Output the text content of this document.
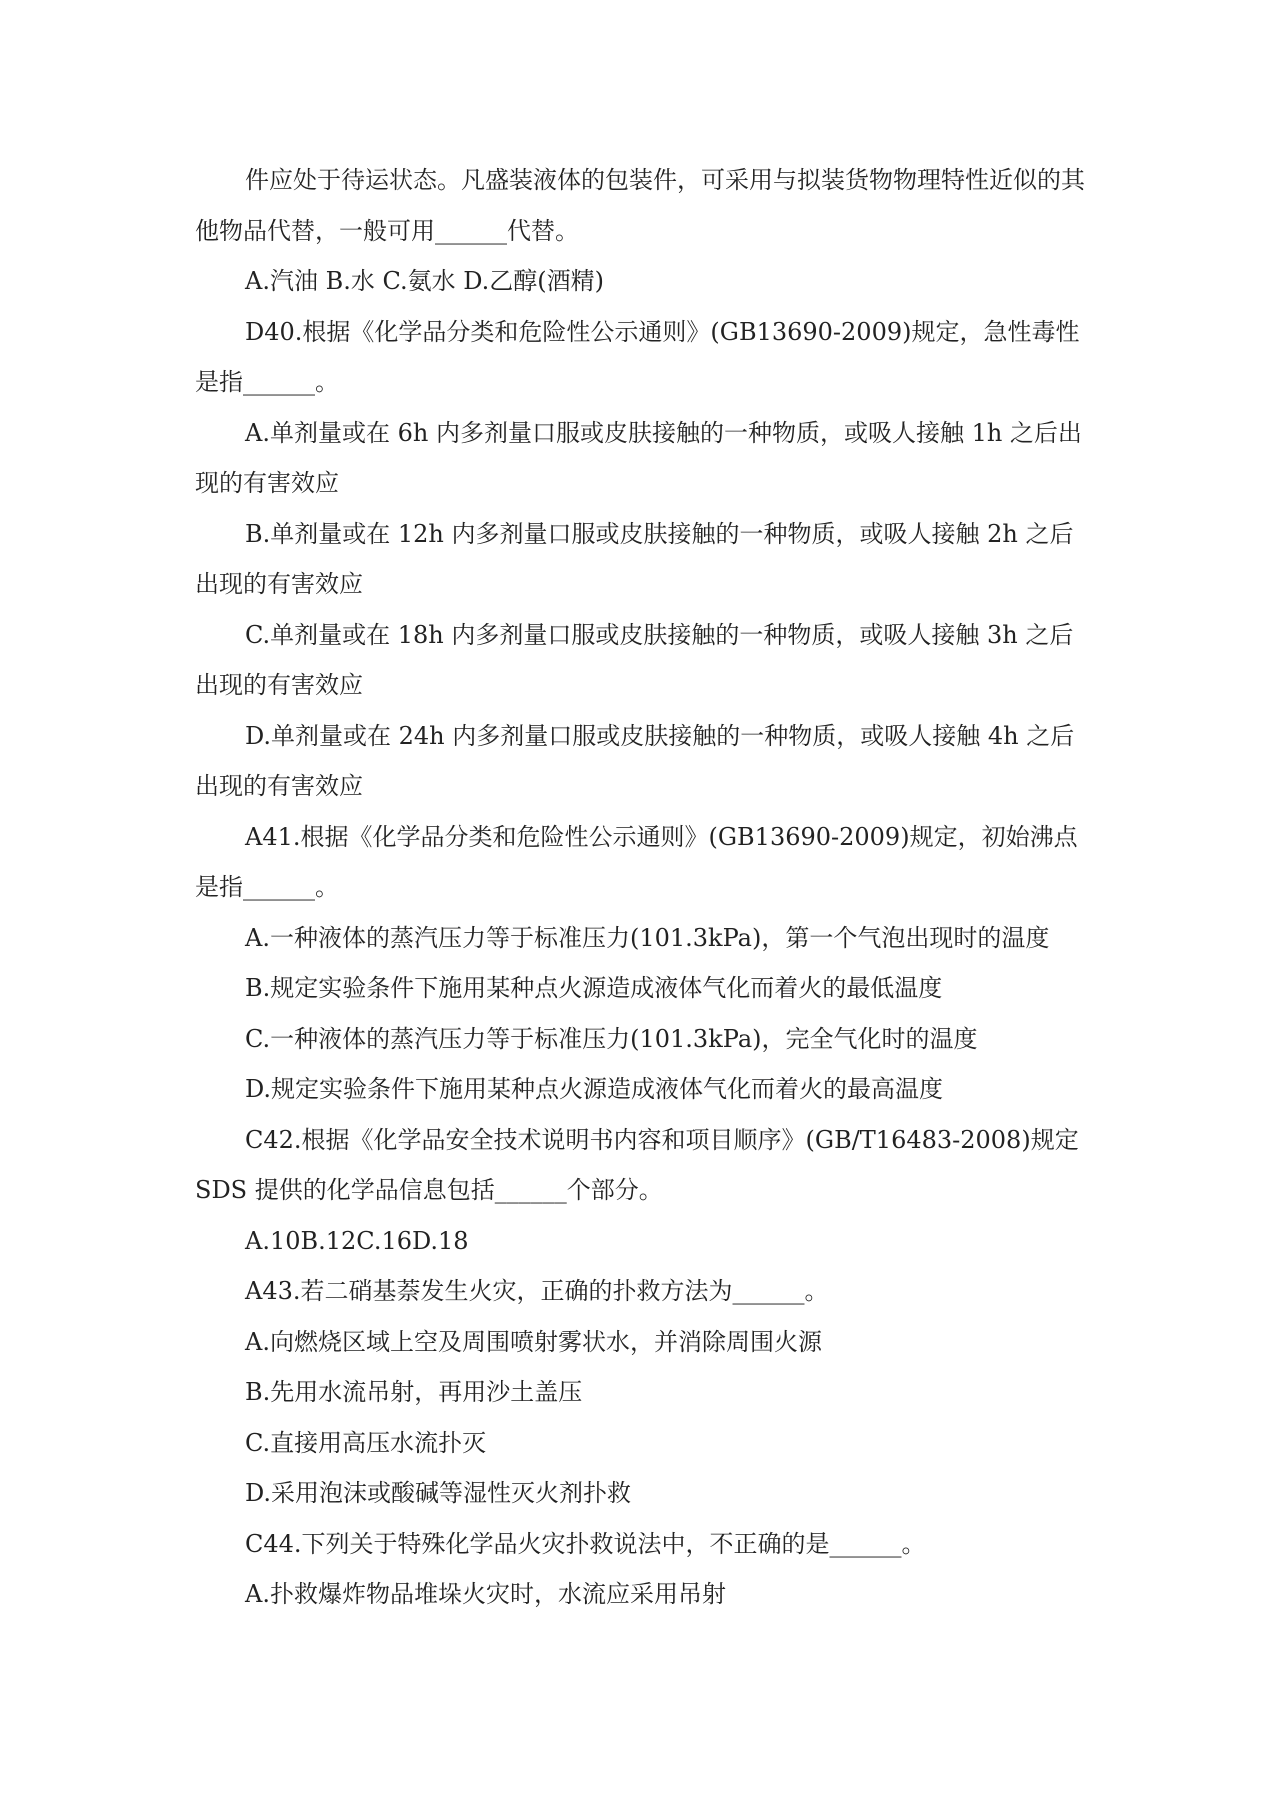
件应处于待运状态。凡盛装液体的包装件，可采用与拟装货物物理特性近似的其他物品代替，一般可用______代替。

A.汽油 B.水 C.氨水 D.乙醇(酒精)

D40.根据《化学品分类和危险性公示通则》(GB13690-2009)规定，急性毒性是指______。

A.单剂量或在 6h 内多剂量口服或皮肤接触的一种物质，或吸人接触 1h 之后出现的有害效应

B.单剂量或在 12h 内多剂量口服或皮肤接触的一种物质，或吸人接触 2h 之后出现的有害效应

C.单剂量或在 18h 内多剂量口服或皮肤接触的一种物质，或吸人接触 3h 之后出现的有害效应

D.单剂量或在 24h 内多剂量口服或皮肤接触的一种物质，或吸人接触 4h 之后出现的有害效应

A41.根据《化学品分类和危险性公示通则》(GB13690-2009)规定，初始沸点是指______。

A.一种液体的蒸汽压力等于标准压力(101.3kPa)，第一个气泡出现时的温度

B.规定实验条件下施用某种点火源造成液体气化而着火的最低温度

C.一种液体的蒸汽压力等于标准压力(101.3kPa)，完全气化时的温度

D.规定实验条件下施用某种点火源造成液体气化而着火的最高温度

C42.根据《化学品安全技术说明书内容和项目顺序》(GB/T16483-2008)规定SDS 提供的化学品信息包括______个部分。

A.10B.12C.16D.18

A43.若二硝基萘发生火灾，正确的扑救方法为______。

A.向燃烧区域上空及周围喷射雾状水，并消除周围火源

B.先用水流吊射，再用沙土盖压

C.直接用高压水流扑灭

D.采用泡沫或酸碱等湿性灭火剂扑救

C44.下列关于特殊化学品火灾扑救说法中，不正确的是______。

A.扑救爆炸物品堆垛火灾时，水流应采用吊射
